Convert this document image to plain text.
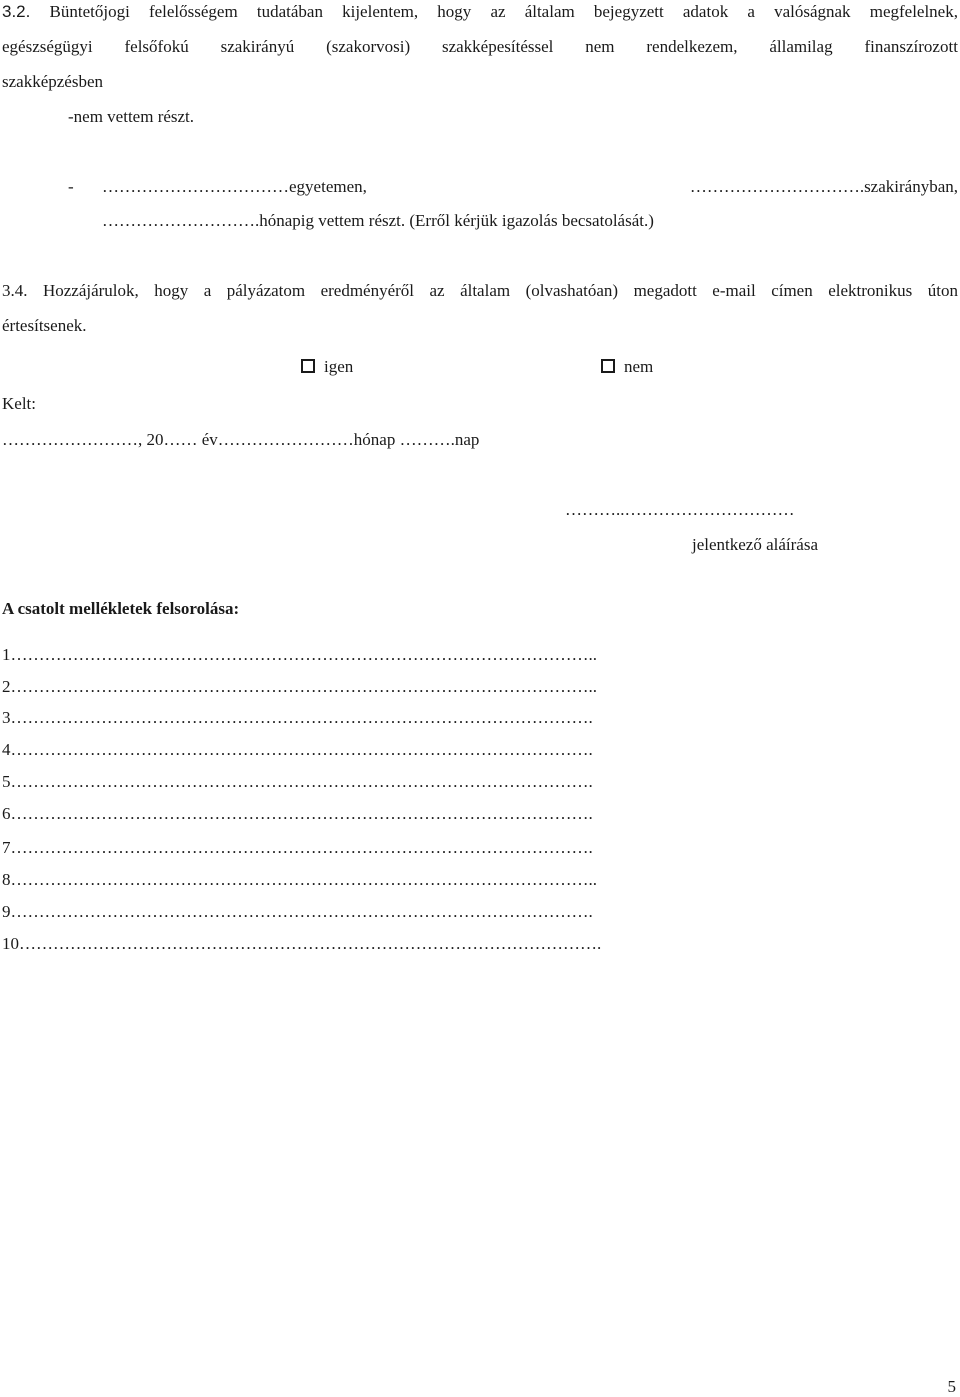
3.2. Büntetőjogi felelősségem tudatában kijelentem, hogy az általam bejegyzett adatok a valóságnak megfelelnek,
egészségügyi felsőfokú szakirányú (szakorvosi) szakképesítéssel nem rendelkezem, államilag finanszírozott
szakképzésben
-nem vettem részt.
- ……………………………egyetemen,	………………………….szakirányban,
……………………….hónapig vettem részt. (Erről kérjük igazolás becsatolását.)
3.4. Hozzájárulok, hogy a pályázatom eredményéről az általam (olvashatóan) megadott e-mail címen elektronikus úton
értesítsenek.
igen	nem
Kelt:
……………………, 20…… év……………………hónap ……….nap
………..…………………………
jelentkező aláírása
A csatolt mellékletek felsorolása:
1…………………………………………………………………………………………..
2…………………………………………………………………………………………..
3………………………………………………………………………………………….
4………………………………………………………………………………………….
5………………………………………………………………………………………….
6………………………………………………………………………………………….
7………………………………………………………………………………………….
8…………………………………………………………………………………………..
9………………………………………………………………………………………….
10………………………………………………………………………………………….
5
